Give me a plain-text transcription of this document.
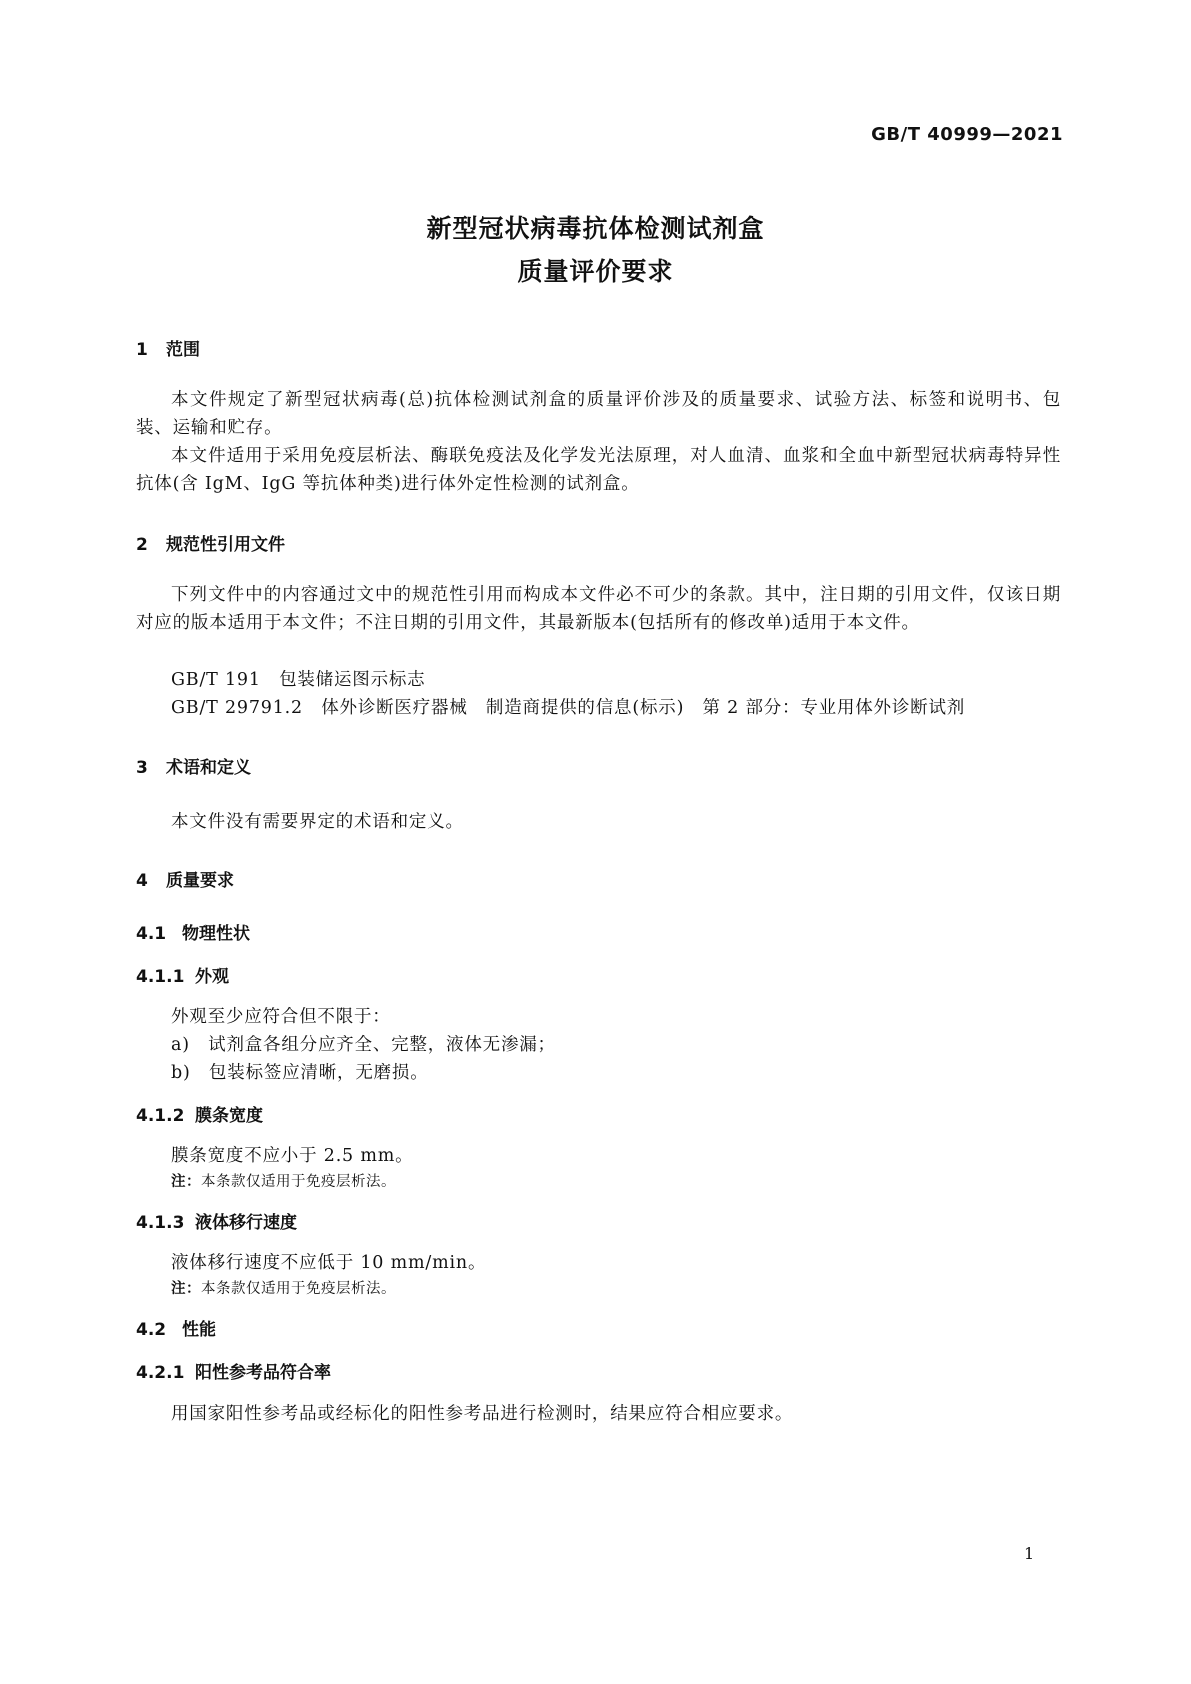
GB/T 40999—2021
新型冠状病毒抗体检测试剂盒
质量评价要求
1 范围
本文件规定了新型冠状病毒(总)抗体检测试剂盒的质量评价涉及的质量要求、试验方法、标签和说明书、包装、运输和贮存。
本文件适用于采用免疫层析法、酶联免疫法及化学发光法原理，对人血清、血浆和全血中新型冠状病毒特异性抗体(含 IgM、IgG 等抗体种类)进行体外定性检测的试剂盒。
2 规范性引用文件
下列文件中的内容通过文中的规范性引用而构成本文件必不可少的条款。其中，注日期的引用文件，仅该日期对应的版本适用于本文件；不注日期的引用文件，其最新版本(包括所有的修改单)适用于本文件。
GB/T 191　包装储运图示标志
GB/T 29791.2　体外诊断医疗器械　制造商提供的信息(标示)　第 2 部分：专业用体外诊断试剂
3 术语和定义
本文件没有需要界定的术语和定义。
4 质量要求
4.1 物理性状
4.1.1 外观
外观至少应符合但不限于：
a)　试剂盒各组分应齐全、完整，液体无渗漏；
b)　包装标签应清晰，无磨损。
4.1.2 膜条宽度
膜条宽度不应小于 2.5 mm。
注：本条款仅适用于免疫层析法。
4.1.3 液体移行速度
液体移行速度不应低于 10 mm/min。
注：本条款仅适用于免疫层析法。
4.2 性能
4.2.1 阳性参考品符合率
用国家阳性参考品或经标化的阳性参考品进行检测时，结果应符合相应要求。
1
